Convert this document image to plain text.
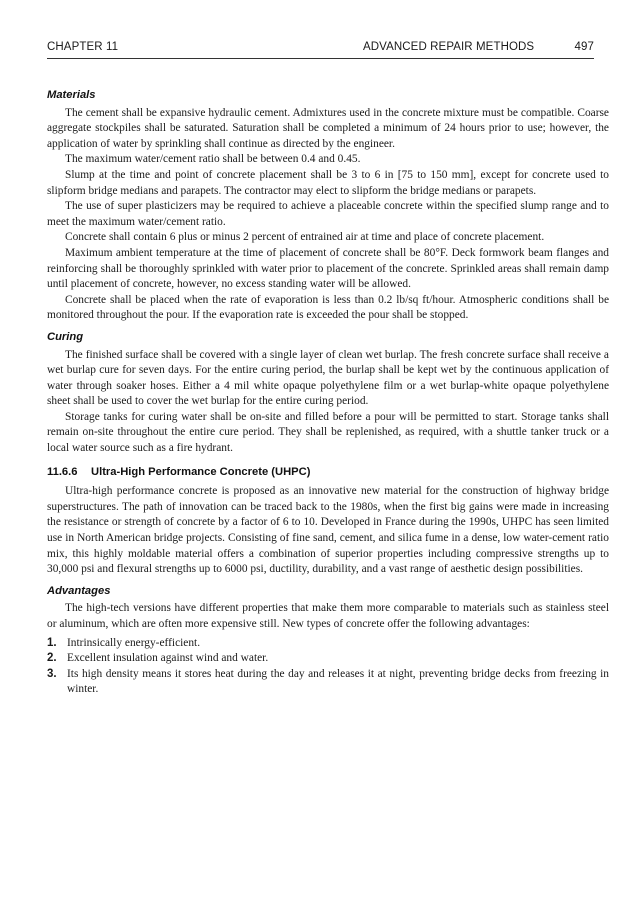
CHAPTER 11	ADVANCED REPAIR METHODS	497
Materials

The cement shall be expansive hydraulic cement. Admixtures used in the concrete mixture must be compatible. Coarse aggregate stockpiles shall be saturated. Saturation shall be completed a minimum of 24 hours prior to use; however, the application of water by sprinkling shall continue as directed by the engineer.

The maximum water/cement ratio shall be between 0.4 and 0.45.

Slump at the time and point of concrete placement shall be 3 to 6 in [75 to 150 mm], except for concrete used to slipform bridge medians and parapets. The contractor may elect to slipform the bridge medians or parapets.

The use of super plasticizers may be required to achieve a placeable concrete within the specified slump range and to meet the maximum water/cement ratio.

Concrete shall contain 6 plus or minus 2 percent of entrained air at time and place of concrete placement.

Maximum ambient temperature at the time of placement of concrete shall be 80°F. Deck formwork beam flanges and reinforcing shall be thoroughly sprinkled with water prior to placement of the concrete. Sprinkled areas shall remain damp until placement of concrete, however, no excess standing water will be allowed.

Concrete shall be placed when the rate of evaporation is less than 0.2 lb/sq ft/hour. Atmospheric conditions shall be monitored throughout the pour. If the evaporation rate is exceeded the pour shall be stopped.

Curing

The finished surface shall be covered with a single layer of clean wet burlap. The fresh concrete surface shall receive a wet burlap cure for seven days. For the entire curing period, the burlap shall be kept wet by the continuous application of water through soaker hoses. Either a 4 mil white opaque polyethylene film or a wet burlap-white opaque polyethylene sheet shall be used to cover the wet burlap for the entire curing period.

Storage tanks for curing water shall be on-site and filled before a pour will be permitted to start. Storage tanks shall remain on-site throughout the entire cure period. They shall be replenished, as required, with a shuttle tanker truck or a local water source such as a fire hydrant.

11.6.6 Ultra-High Performance Concrete (UHPC)

Ultra-high performance concrete is proposed as an innovative new material for the construction of highway bridge superstructures. The path of innovation can be traced back to the 1980s, when the first big gains were made in increasing the resistance or strength of concrete by a factor of 6 to 10. Developed in France during the 1990s, UHPC has seen limited use in North American bridge projects. Consisting of fine sand, cement, and silica fume in a dense, low water-cement ratio mix, this highly moldable material offers a combination of superior properties including compressive strengths up to 30,000 psi and flexural strengths up to 6000 psi, ductility, durability, and a vast range of aesthetic design possibilities.

Advantages

The high-tech versions have different properties that make them more comparable to materials such as stainless steel or aluminum, which are often more expensive still. New types of concrete offer the following advantages:

1. Intrinsically energy-efficient.
2. Excellent insulation against wind and water.
3. Its high density means it stores heat during the day and releases it at night, preventing bridge decks from freezing in winter.
